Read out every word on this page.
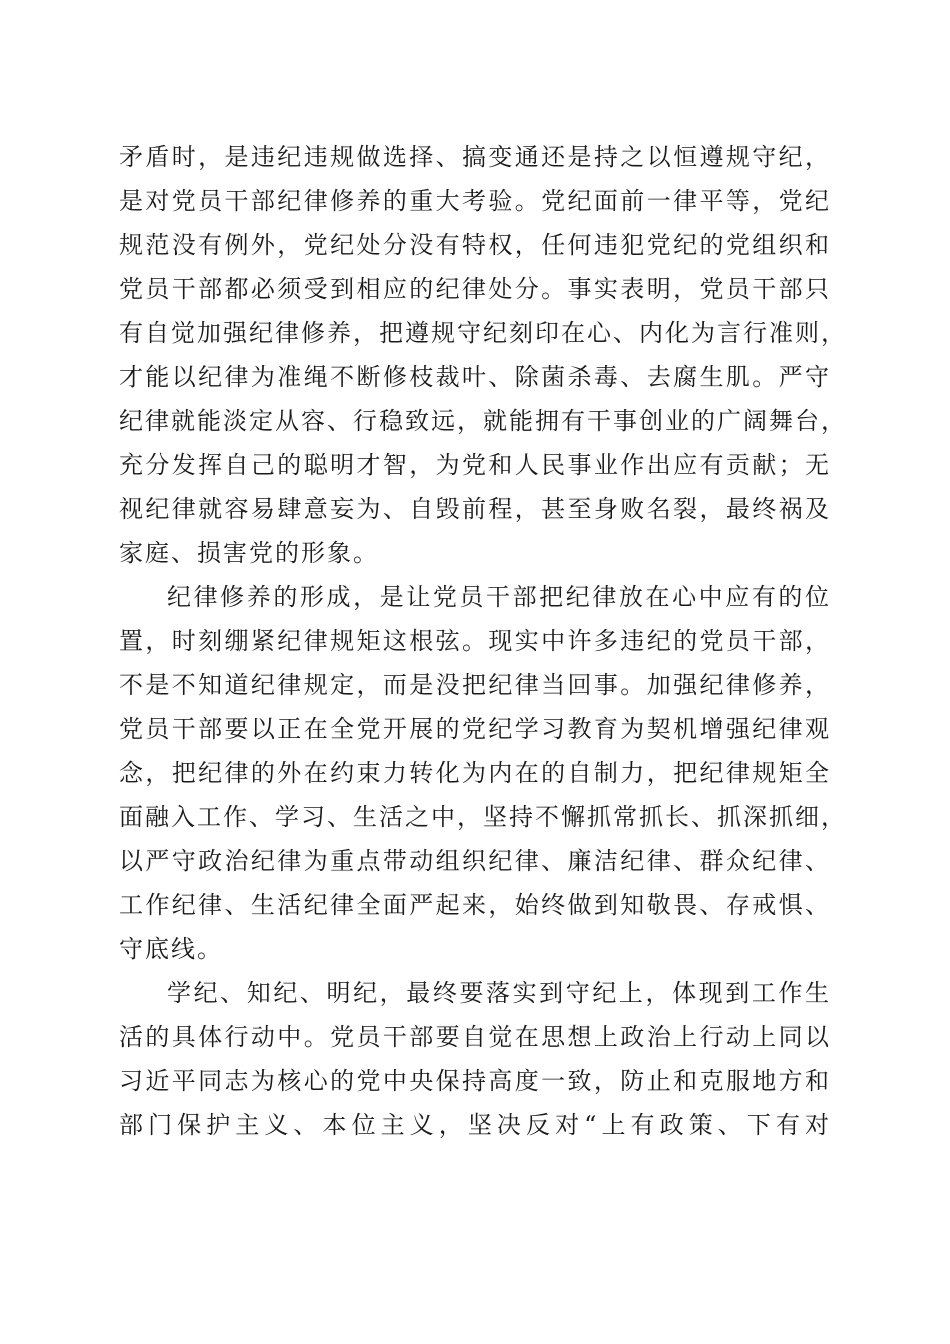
矛盾时，是违纪违规做选择、搞变通还是持之以恒遵规守纪，
是对党员干部纪律修养的重大考验。党纪面前一律平等，党纪
规范没有例外，党纪处分没有特权，任何违犯党纪的党组织和
党员干部都必须受到相应的纪律处分。事实表明，党员干部只
有自觉加强纪律修养，把遵规守纪刻印在心、内化为言行准则，
才能以纪律为准绳不断修枝裁叶、除菌杀毒、去腐生肌。严守
纪律就能淡定从容、行稳致远，就能拥有干事创业的广阔舞台，
充分发挥自己的聪明才智，为党和人民事业作出应有贡献；无
视纪律就容易肆意妄为、自毁前程，甚至身败名裂，最终祸及
家庭、损害党的形象。
纪律修养的形成，是让党员干部把纪律放在心中应有的位
置，时刻绷紧纪律规矩这根弦。现实中许多违纪的党员干部，
不是不知道纪律规定，而是没把纪律当回事。加强纪律修养，
党员干部要以正在全党开展的党纪学习教育为契机增强纪律观
念，把纪律的外在约束力转化为内在的自制力，把纪律规矩全
面融入工作、学习、生活之中，坚持不懈抓常抓长、抓深抓细，
以严守政治纪律为重点带动组织纪律、廉洁纪律、群众纪律、
工作纪律、生活纪律全面严起来，始终做到知敬畏、存戒惧、
守底线。
学纪、知纪、明纪，最终要落实到守纪上，体现到工作生
活的具体行动中。党员干部要自觉在思想上政治上行动上同以
习近平同志为核心的党中央保持高度一致，防止和克服地方和
部门保护主义、本位主义，坚决反对“上有政策、下有对
